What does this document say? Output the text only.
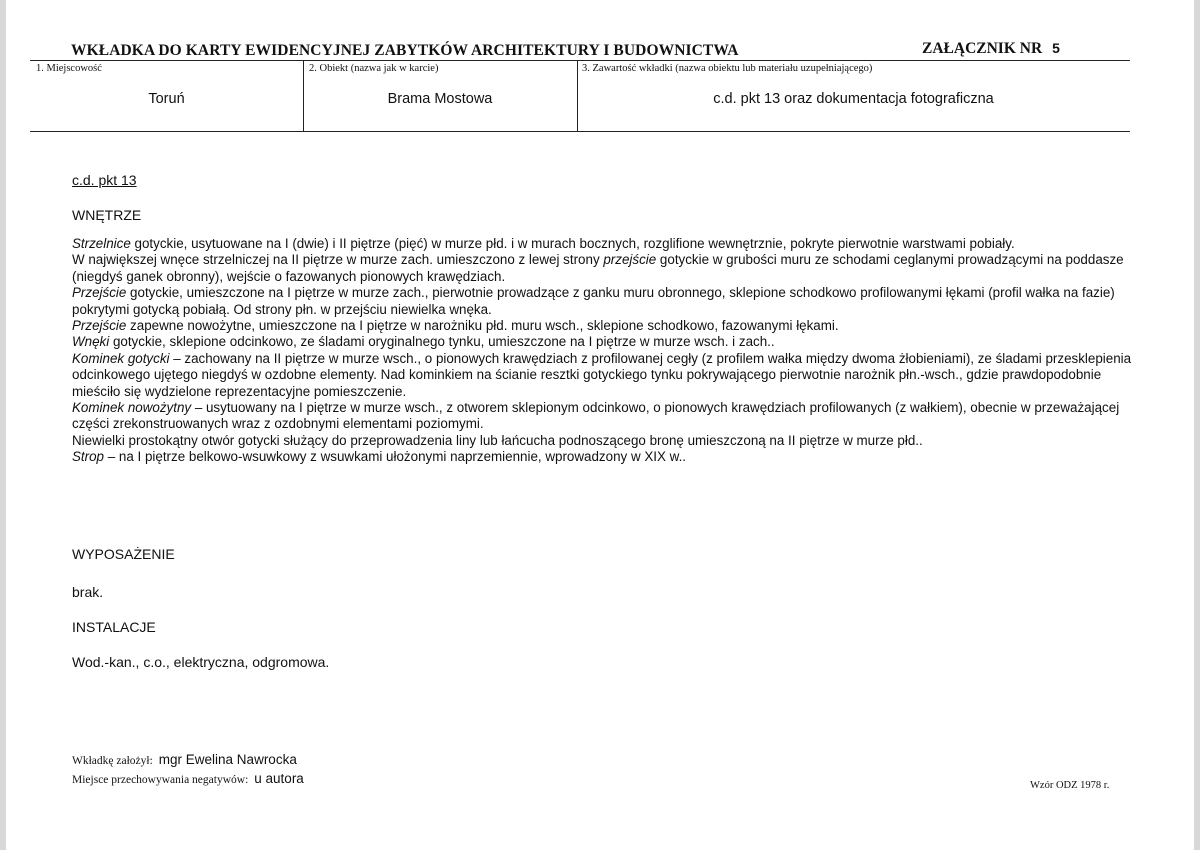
WKŁADKA DO KARTY EWIDENCYJNEJ ZABYTKÓW ARCHITEKTURY I BUDOWNICTWA	ZAŁĄCZNIK NR 5
1. Miejscowość	2. Obiekt (nazwa jak w karcie)	3. Zawartość wkładki (nazwa obiektu lub materiału uzupełniającego)
Toruń	Brama Mostowa	c.d. pkt 13 oraz dokumentacja fotograficzna
c.d. pkt 13
WNĘTRZE

Strzelnice gotyckie, usytuowane na I (dwie) i II piętrze (pięć) w murze płd. i w murach bocznych, rozglifione wewnętrznie, pokryte pierwotnie warstwami pobiały.

W największej wnęce strzelniczej na II piętrze w murze zach. umieszczono z lewej strony przejście gotyckie w grubości muru ze schodami ceglanymi prowadzącymi na poddasze (niegdyś ganek obronny), wejście o fazowanych pionowych krawędziach.

Przejście gotyckie, umieszczone na I piętrze w murze zach., pierwotnie prowadzące z ganku muru obronnego, sklepione schodkowo profilowanymi łękami (profil wałka na fazie) pokrytymi gotycką pobiałą. Od strony płn. w przejściu niewielka wnęka.

Przejście zapewne nowożytne, umieszczone na I piętrze w narożniku płd. muru wsch., sklepione schodkowo, fazowanymi łękami.

Wnęki gotyckie, sklepione odcinkowo, ze śladami oryginalnego tynku, umieszczone na I piętrze w murze wsch. i zach..

Kominek gotycki – zachowany na II piętrze w murze wsch., o pionowych krawędziach z profilowanej cegły (z profilem wałka między dwoma żłobieniami), ze śladami przesklepienia odcinkowego ujętego niegdyś w ozdobne elementy. Nad kominkiem na ścianie resztki gotyckiego tynku pokrywającego pierwotnie narożnik płn.-wsch., gdzie prawdopodobnie mieściło się wydzielone reprezentacyjne pomieszczenie.

Kominek nowożytny – usytuowany na I piętrze w murze wsch., z otworem sklepionym odcinkowo, o pionowych krawędziach profilowanych (z wałkiem), obecnie w przeważającej części zrekonstruowanych wraz z ozdobnymi elementami poziomymi.

Niewielki prostokątny otwór gotycki służący do przeprowadzenia liny lub łańcucha podnoszącego bronę umieszczoną na II piętrze w murze płd..

Strop – na I piętrze belkowo-wsuwkowy z wsuwkami ułożonymi naprzemiennie, wprowadzony w XIX w..

WYPOSAŻENIE
brak.
INSTALACJE
Wod.-kan., c.o., elektryczna, odgromowa.
Wkładkę założył: mgr Ewelina Nawrocka
Miejsce przechowywania negatywów: u autora	Wzór ODZ 1978 r.
